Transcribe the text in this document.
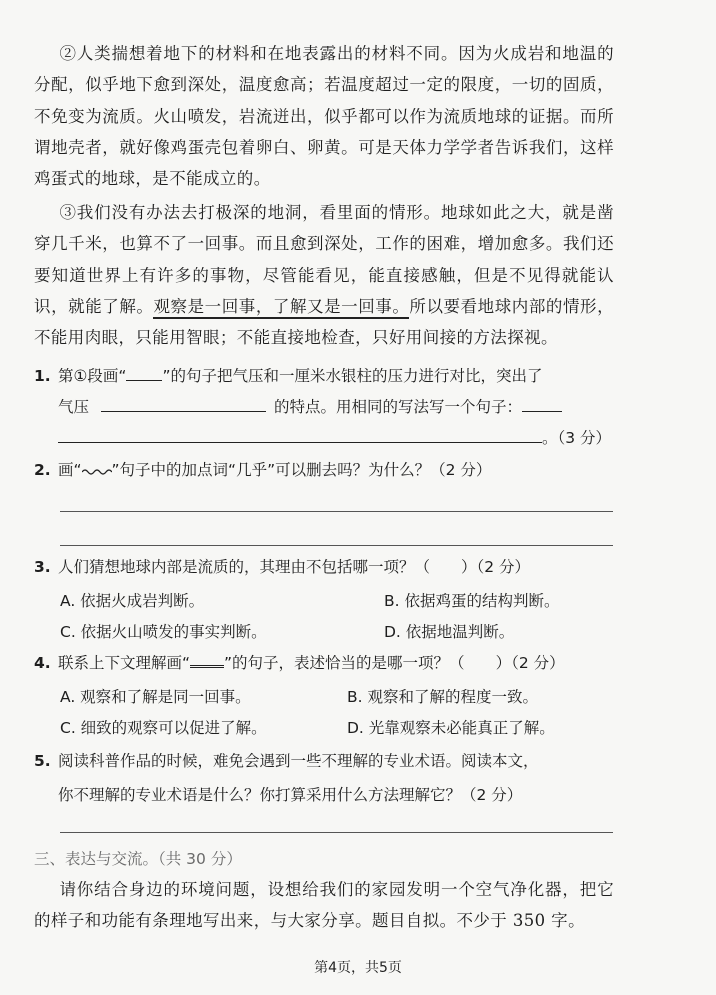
②人类揣想着地下的材料和在地表露出的材料不同。因为火成岩和地温的分配，似乎地下愈到深处，温度愈高；若温度超过一定的限度，一切的固质，不免变为流质。火山喷发，岩流迸出，似乎都可以作为流质地球的证据。而所谓地壳者，就好像鸡蛋壳包着卵白、卵黄。可是天体力学学者告诉我们，这样鸡蛋式的地球，是不能成立的。

③我们没有办法去打极深的地洞，看里面的情形。地球如此之大，就是凿穿几千米，也算不了一回事。而且愈到深处，工作的困难，增加愈多。我们还要知道世界上有许多的事物，尽管能看见，能直接感触，但是不见得就能认识，就能了解。观察是一回事，了解又是一回事。所以要看地球内部的情形，不能用肉眼，只能用智眼；不能直接地检查，只好用间接的方法探视。

1. 第①段画“ ”的句子把气压和一厘米水银柱的压力进行对比，突出了
气压	的特点。用相同的写法写一个句子：
。（3 分）
2. 画“ ”句子中的加点词“几乎”可以删去吗？为什么？（2 分）
3. 人们猜想地球内部是流质的，其理由不包括哪一项？（　　）（2 分）
A. 依据火成岩判断。	B. 依据鸡蛋的结构判断。
C. 依据火山喷发的事实判断。	D. 依据地温判断。
4. 联系上下文理解画“ ”的句子，表述恰当的是哪一项？（　　）（2 分）
A. 观察和了解是同一回事。	B. 观察和了解的程度一致。
C. 细致的观察可以促进了解。	D. 光靠观察未必能真正了解。
5. 阅读科普作品的时候，难免会遇到一些不理解的专业术语。阅读本文，
你不理解的专业术语是什么？你打算采用什么方法理解它？（2 分）
三、表达与交流。（共 30 分）

请你结合身边的环境问题，设想给我们的家园发明一个空气净化器，把它的样子和功能有条理地写出来，与大家分享。题目自拟。不少于 350 字。

第4页，共5页
